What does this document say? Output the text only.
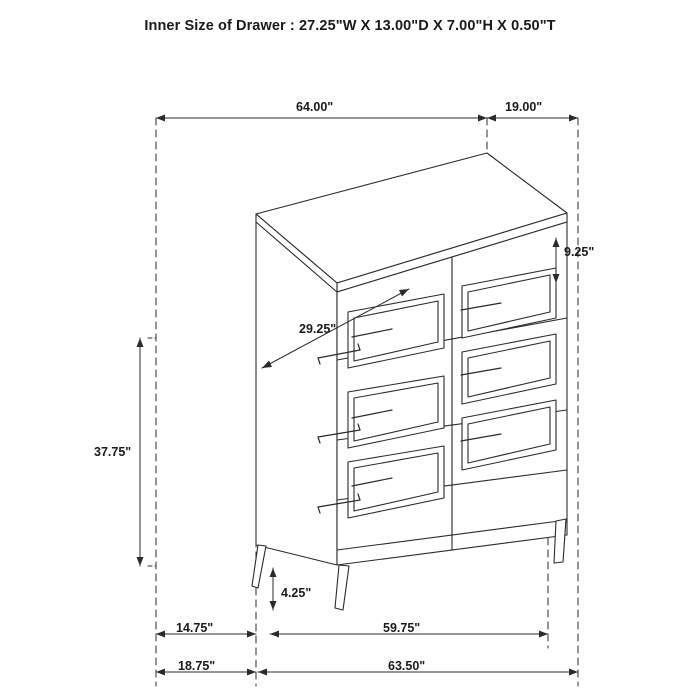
Inner Size of Drawer : 27.25"W X 13.00"D X 7.00"H X 0.50"T
64.00"	19.00"
9.25"
29.25"
37.75"
4.25"
14.75"	59.75"
18.75"	63.50"
